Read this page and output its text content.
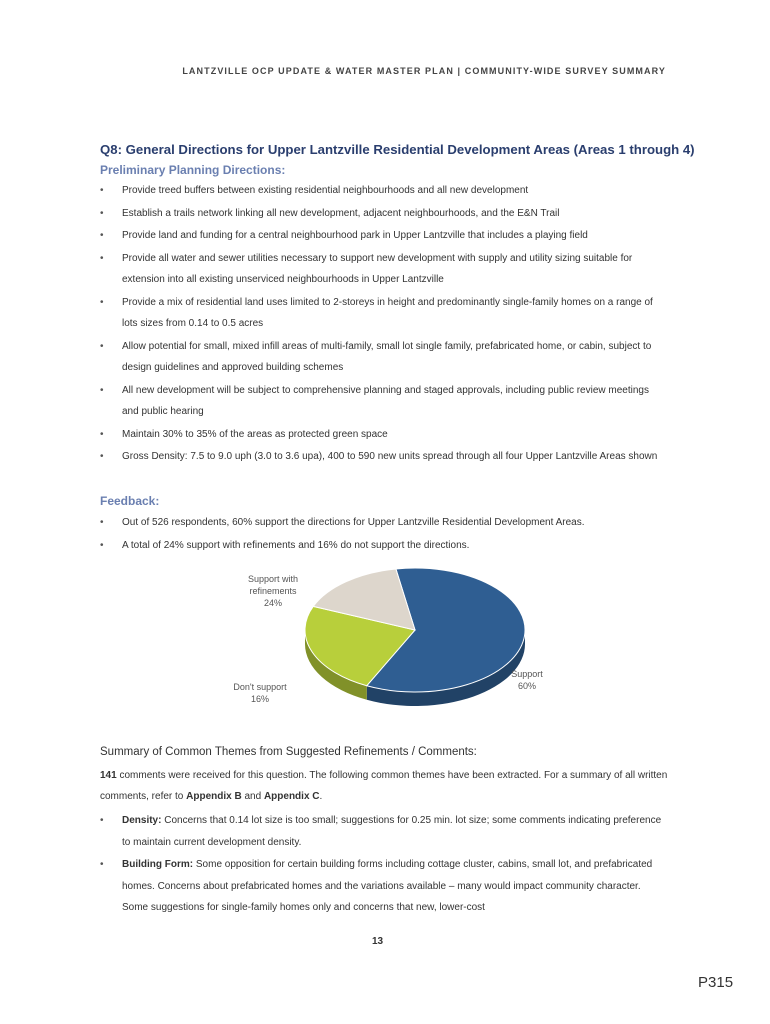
LANTZVILLE OCP UPDATE & WATER MASTER PLAN | COMMUNITY-WIDE SURVEY SUMMARY
Q8: General Directions for Upper Lantzville Residential Development Areas (Areas 1 through 4)
Preliminary Planning Directions:
• Provide treed buffers between existing residential neighbourhoods and all new development
• Establish a trails network linking all new development, adjacent neighbourhoods, and the E&N Trail
• Provide land and funding for a central neighbourhood park in Upper Lantzville that includes a playing field
• Provide all water and sewer utilities necessary to support new development with supply and utility sizing suitable for extension into all existing unserviced neighbourhoods in Upper Lantzville
• Provide a mix of residential land uses limited to 2-storeys in height and predominantly single-family homes on a range of lots sizes from 0.14 to 0.5 acres
• Allow potential for small, mixed infill areas of multi-family, small lot single family, prefabricated home, or cabin, subject to design guidelines and approved building schemes
• All new development will be subject to comprehensive planning and staged approvals, including public review meetings and public hearing
• Maintain 30% to 35% of the areas as protected green space
• Gross Density: 7.5 to 9.0 uph (3.0 to 3.6 upa), 400 to 590 new units spread through all four Upper Lantzville Areas shown
Feedback:
• Out of 526 respondents, 60% support the directions for Upper Lantzville Residential Development Areas.
• A total of 24% support with refinements and 16% do not support the directions.
Support with
refinements
24%
Don't support
16%
Support
60%
Summary of Common Themes from Suggested Refinements / Comments:
141 comments were received for this question. The following common themes have been extracted. For a summary of all written comments, refer to Appendix B and Appendix C.
• Density: Concerns that 0.14 lot size is too small; suggestions for 0.25 min. lot size; some comments indicating preference to maintain current development density.
• Building Form: Some opposition for certain building forms including cottage cluster, cabins, small lot, and prefabricated homes. Concerns about prefabricated homes and the variations available – many would impact community character. Some suggestions for single-family homes only and concerns that new, lower-cost
13
P315
